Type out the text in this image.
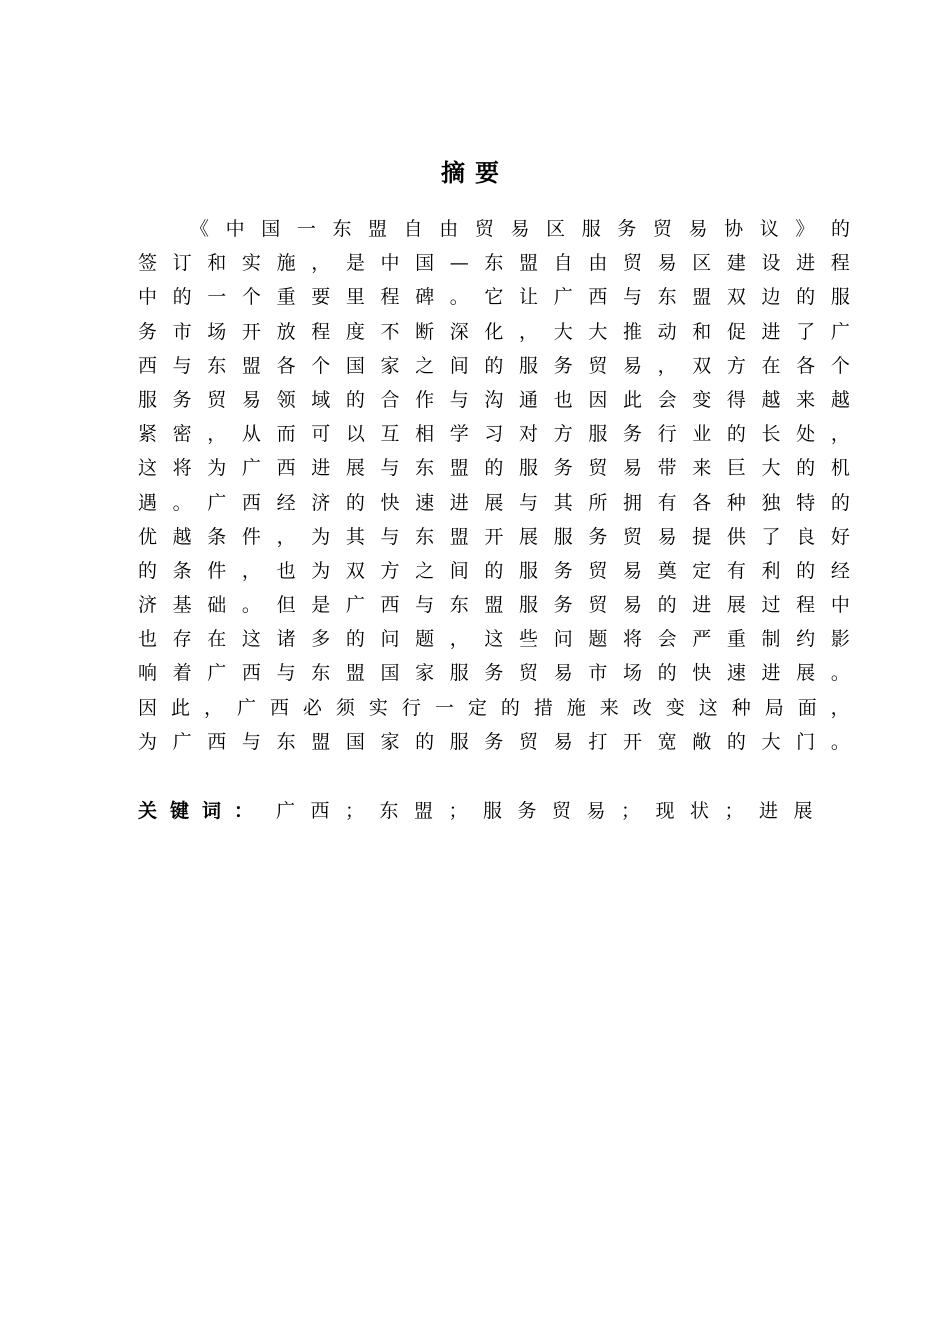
摘要
《 中 国 一 东 盟 自 由 贸 易 区 服 务 贸 易 协 议 》 的
签 订 和 实 施 ， 是 中 国 — 东 盟 自 由 贸 易 区 建 设 进 程
中 的 一 个 重 要 里 程 碑 。 它 让 广 西 与 东 盟 双 边 的 服
务 市 场 开 放 程 度 不 断 深 化 ， 大 大 推 动 和 促 进 了 广
西 与 东 盟 各 个 国 家 之 间 的 服 务 贸 易 ， 双 方 在 各 个
服 务 贸 易 领 域 的 合 作 与 沟 通 也 因 此 会 变 得 越 来 越
紧 密 ， 从 而 可 以 互 相 学 习 对 方 服 务 行 业 的 长 处 ，
这 将 为 广 西 进 展 与 东 盟 的 服 务 贸 易 带 来 巨 大 的 机
遇 。 广 西 经 济 的 快 速 进 展 与 其 所 拥 有 各 种 独 特 的
优 越 条 件 ， 为 其 与 东 盟 开 展 服 务 贸 易 提 供 了 良 好
的 条 件 ， 也 为 双 方 之 间 的 服 务 贸 易 奠 定 有 利 的 经
济 基 础 。 但 是 广 西 与 东 盟 服 务 贸 易 的 进 展 过 程 中
也 存 在 这 诸 多 的 问 题 ， 这 些 问 题 将 会 严 重 制 约 影
响 着 广 西 与 东 盟 国 家 服 务 贸 易 市 场 的 快 速 进 展 。
因 此 ， 广 西 必 须 实 行 一 定 的 措 施 来 改 变 这 种 局 面 ，
为 广 西 与 东 盟 国 家 的 服 务 贸 易 打 开 宽 敞 的 大 门 。
关键词： 广西；东盟；服务贸易；现状；进展
